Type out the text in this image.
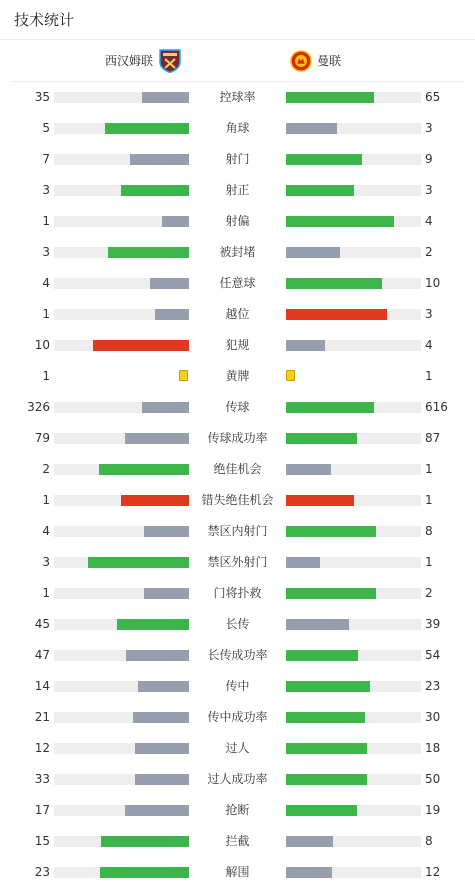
技术统计
西汉姆联	曼联
35	控球率	65
5	角球	3
7	射门	9
3	射正	3
1	射偏	4
3	被封堵	2
4	任意球	10
1	越位	3
10	犯规	4
1	黄牌	1
326	传球	616
79	传球成功率	87
2	绝佳机会	1
1	错失绝佳机会	1
4	禁区内射门	8
3	禁区外射门	1
1	门将扑救	2
45	长传	39
47	长传成功率	54
14	传中	23
21	传中成功率	30
12	过人	18
33	过人成功率	50
17	抢断	19
15	拦截	8
23	解围	12
